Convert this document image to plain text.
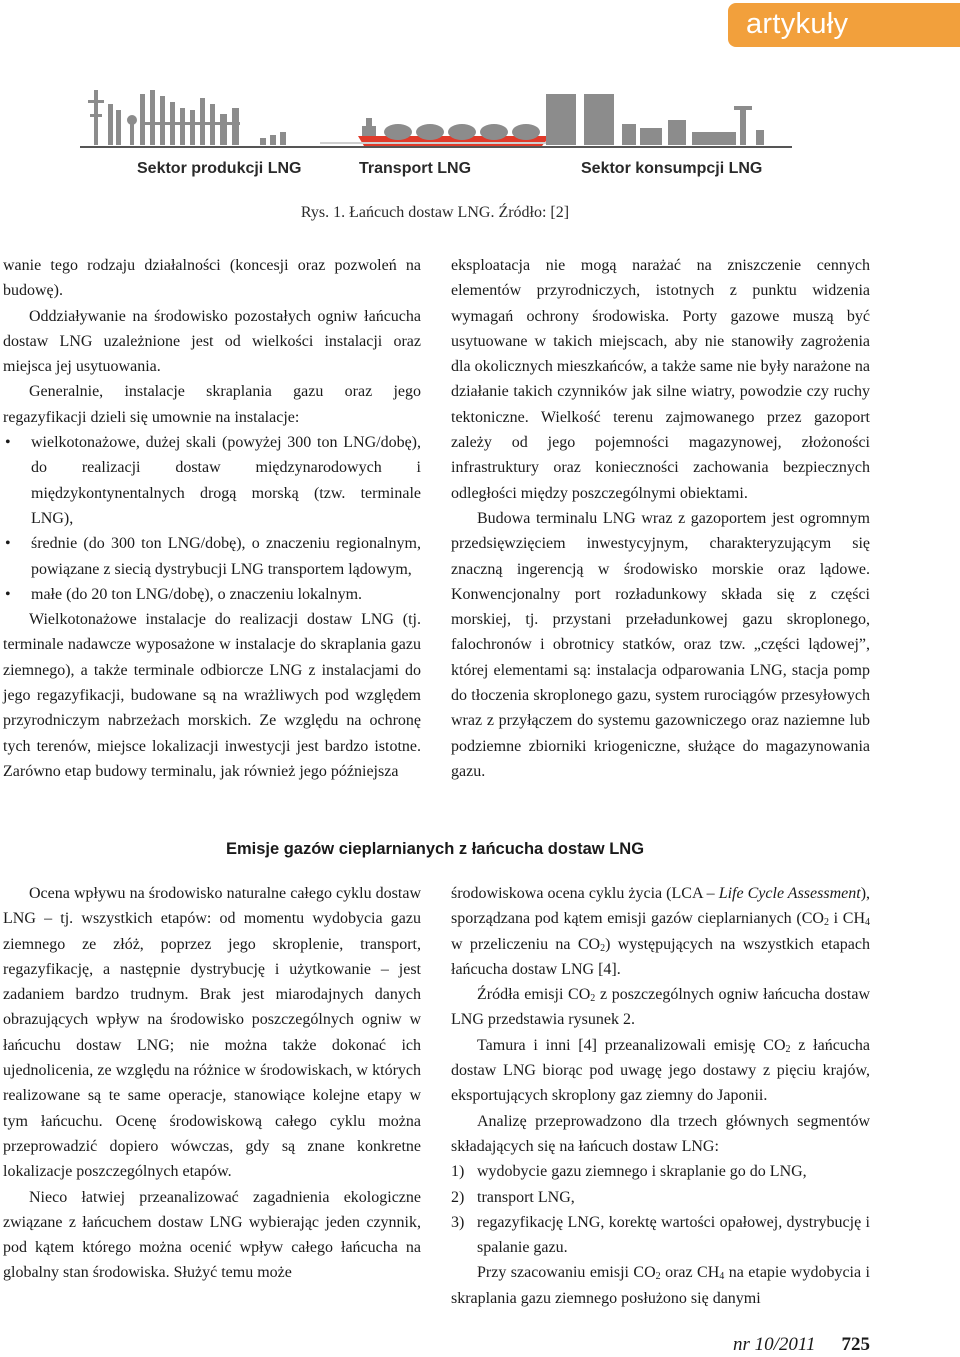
artykuły
Sektor produkcji LNG	Transport LNG	Sektor konsumpcji LNG
Rys. 1. Łańcuch dostaw LNG. Źródło: [2]

wanie tego rodzaju działalności (koncesji oraz pozwoleń na budowę).

Oddziaływanie na środowisko pozostałych ogniw łańcucha dostaw LNG uzależnione jest od wielkości instalacji oraz miejsca jej usytuowania.

Generalnie, instalacje skraplania gazu oraz jego regazyfikacji dzieli się umownie na instalacje:

• wielkotonażowe, dużej skali (powyżej 300 ton LNG/dobę), do realizacji dostaw międzynarodowych i międzykontynentalnych drogą morską (tzw. terminale LNG),
• średnie (do 300 ton LNG/dobę), o znaczeniu regionalnym, powiązane z siecią dystrybucji LNG transportem lądowym,
• małe (do 20 ton LNG/dobę), o znaczeniu lokalnym.

Wielkotonażowe instalacje do realizacji dostaw LNG (tj. terminale nadawcze wyposażone w instalacje do skraplania gazu ziemnego), a także terminale odbiorcze LNG z instalacjami do jego regazyfikacji, budowane są na wrażliwych pod względem przyrodniczym nabrzeżach morskich. Ze względu na ochronę tych terenów, miejsce lokalizacji inwestycji jest bardzo istotne. Zarówno etap budowy terminalu, jak również jego późniejsza

eksploatacja nie mogą narażać na zniszczenie cennych elementów przyrodniczych, istotnych z punktu widzenia wymagań ochrony środowiska. Porty gazowe muszą być usytuowane w takich miejscach, aby nie stanowiły zagrożenia dla okolicznych mieszkańców, a także same nie były narażone na działanie takich czynników jak silne wiatry, powodzie czy ruchy tektoniczne. Wielkość terenu zajmowanego przez gazoport zależy od jego pojemności magazynowej, złożoności infrastruktury oraz konieczności zachowania bezpiecznych odległości między poszczególnymi obiektami.

Budowa terminalu LNG wraz z gazoportem jest ogromnym przedsięwzięciem inwestycyjnym, charakteryzującym się znaczną ingerencją w środowisko morskie oraz lądowe. Konwencjonalny port rozładunkowy składa się z części morskiej, tj. przystani przeładunkowej gazu skroplonego, falochronów i obrotnicy statków, oraz tzw. „części lądowej”, której elementami są: instalacja odparowania LNG, stacja pomp do tłoczenia skroplonego gazu, system rurociągów przesyłowych wraz z przyłączem do systemu gazowniczego oraz naziemne lub podziemne zbiorniki kriogeniczne, służące do magazynowania gazu.

Emisje gazów cieplarnianych z łańcucha dostaw LNG

Ocena wpływu na środowisko naturalne całego cyklu dostaw LNG – tj. wszystkich etapów: od momentu wydobycia gazu ziemnego ze złóż, poprzez jego skroplenie, transport, regazyfikację, a następnie dystrybucję i użytkowanie – jest zadaniem bardzo trudnym. Brak jest miarodajnych danych obrazujących wpływ na środowisko poszczególnych ogniw w łańcuchu dostaw LNG; nie można także dokonać ich ujednolicenia, ze względu na różnice w środowiskach, w których realizowane są te same operacje, stanowiące kolejne etapy w tym łańcuchu. Ocenę środowiskową całego cyklu można przeprowadzić dopiero wówczas, gdy są znane konkretne lokalizacje poszczególnych etapów.

Nieco łatwiej przeanalizować zagadnienia ekologiczne związane z łańcuchem dostaw LNG wybierając jeden czynnik, pod kątem którego można ocenić wpływ całego łańcucha na globalny stan środowiska. Służyć temu może

środowiskowa ocena cyklu życia (LCA – Life Cycle Assessment), sporządzana pod kątem emisji gazów cieplarnianych ($CO_2$ i $CH_4$ w przeliczeniu na $CO_2$) występujących na wszystkich etapach łańcucha dostaw LNG [4].

Źródła emisji $CO_2$ z poszczególnych ogniw łańcucha dostaw LNG przedstawia rysunek 2.

Tamura i inni [4] przeanalizowali emisję $CO_2$ z łańcucha dostaw LNG biorąc pod uwagę jego dostawy z pięciu krajów, eksportujących skroplony gaz ziemny do Japonii.

Analizę przeprowadzono dla trzech głównych segmentów składających się na łańcuch dostaw LNG:

1) wydobycie gazu ziemnego i skraplanie go do LNG,
2) transport LNG,
3) regazyfikację LNG, korektę wartości opałowej, dystrybucję i spalanie gazu.

Przy szacowaniu emisji $CO_2$ oraz $CH_4$ na etapie wydobycia i skraplania gazu ziemnego posłużono się danymi

nr 10/2011 725
